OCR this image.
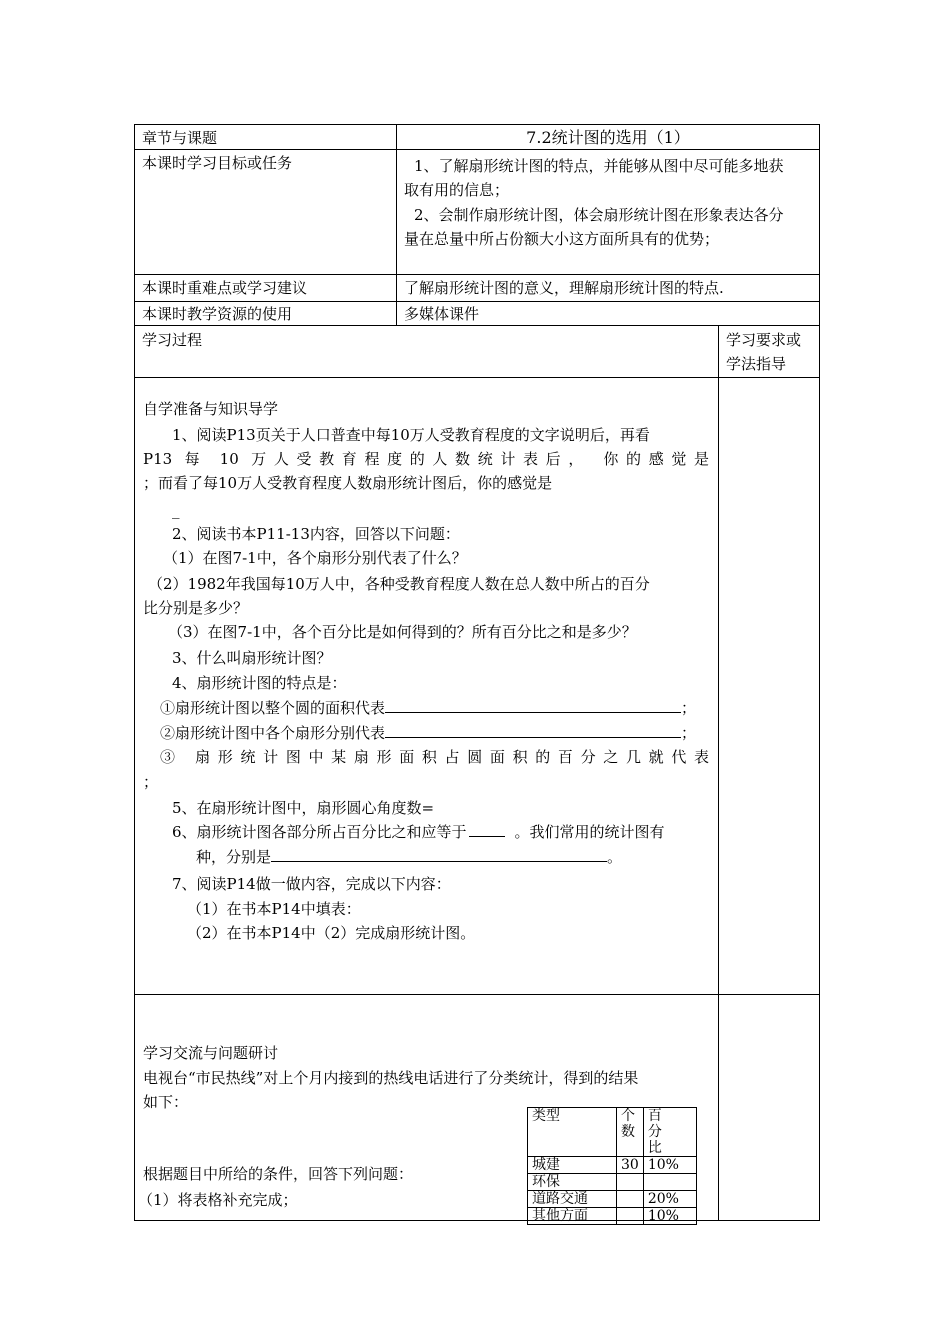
章节与课题	7.2统计图的选用（1）
本课时学习目标或任务	1、了解扇形统计图的特点，并能够从图中尽可能多地获
取有用的信息；
2、会制作扇形统计图，体会扇形统计图在形象表达各分
量在总量中所占份额大小这方面所具有的优势；
本课时重难点或学习建议	了解扇形统计图的意义，理解扇形统计图的特点.
本课时教学资源的使用	多媒体课件
学习过程	学习要求或
学法指导
自学准备与知识导学
1、阅读P13页关于人口普查中每10万人受教育程度的文字说明后，再看
P13 每 10 万人受教育程度的人数统计表后， 你的感觉是
；而看了每10万人受教育程度人数扇形统计图后，你的感觉是
_
2、阅读书本P11-13内容，回答以下问题：
（1）在图7-1中，各个扇形分别代表了什么？
（2）1982年我国每10万人中，各种受教育程度人数在总人数中所占的百分
比分别是多少？
（3）在图7-1中，各个百分比是如何得到的？所有百分比之和是多少？
3、什么叫扇形统计图？
4、扇形统计图的特点是：
①扇形统计图以整个圆的面积代表	；
②扇形统计图中各个扇形分别代表	；
③ 扇形统计图中某扇形面积占圆面积的百分之几就代表
；
5、在扇形统计图中，扇形圆心角度数=
6、扇形统计图各部分所占百分比之和应等于	。我们常用的统计图有
种，分别是	。
7、阅读P14做一做内容，完成以下内容：
（1）在书本P14中填表：
（2）在书本P14中（2）完成扇形统计图。
学习交流与问题研讨
电视台“市民热线”对上个月内接到的热线电话进行了分类统计，得到的结果
如下：
根据题目中所给的条件，回答下列问题：
（1）将表格补充完成；
类型	个数	百分比
城建	30	10%
环保		
道路交通		20%
其他方面		10%
